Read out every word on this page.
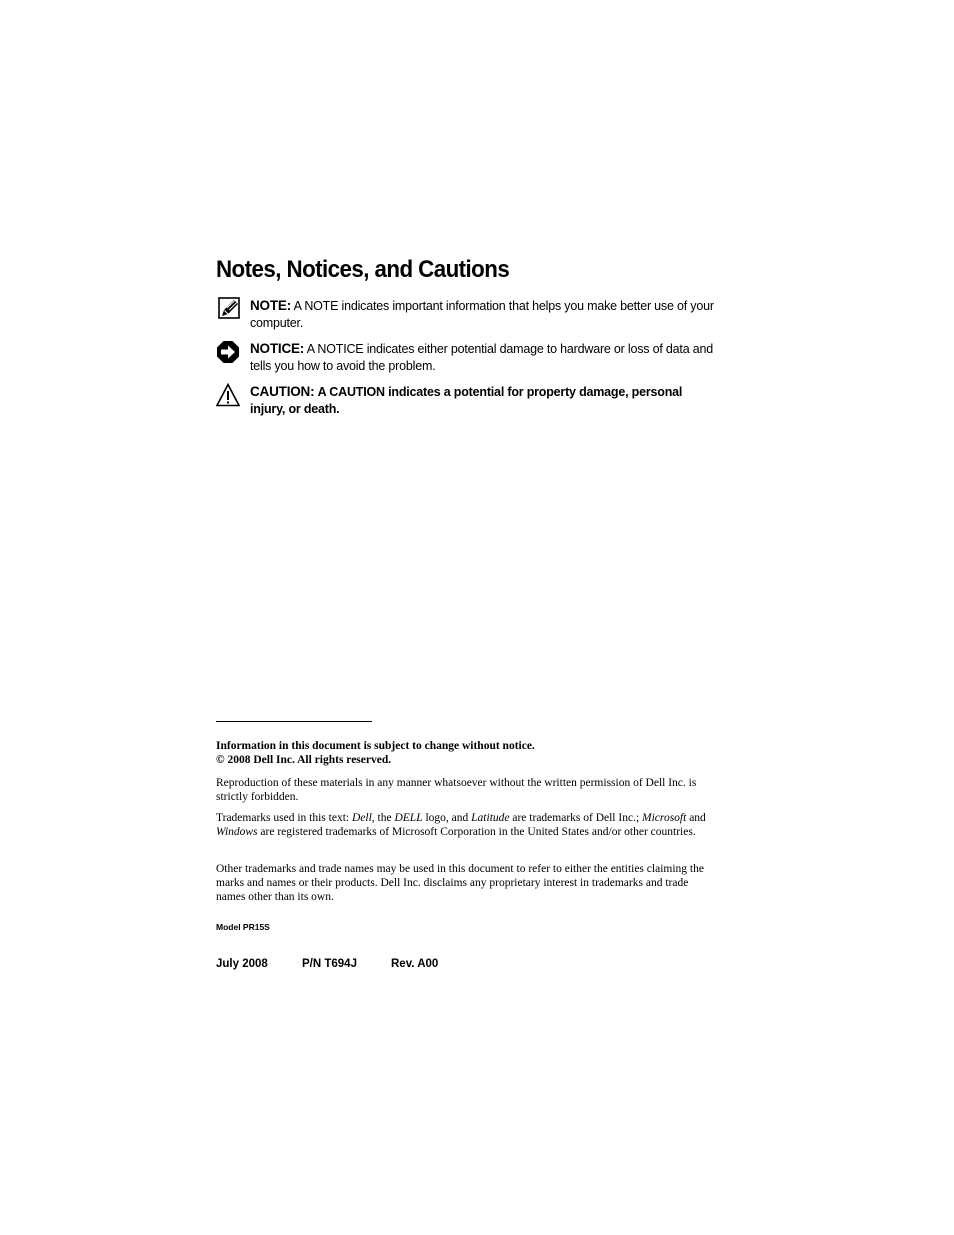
Notes, Notices, and Cautions
NOTE: A NOTE indicates important information that helps you make better use of your computer.
NOTICE: A NOTICE indicates either potential damage to hardware or loss of data and tells you how to avoid the problem.
CAUTION: A CAUTION indicates a potential for property damage, personal injury, or death.

Information in this document is subject to change without notice.
© 2008 Dell Inc. All rights reserved.

Reproduction of these materials in any manner whatsoever without the written permission of Dell Inc. is strictly forbidden.

Trademarks used in this text: Dell, the DELL logo, and Latitude are trademarks of Dell Inc.; Microsoft and Windows are registered trademarks of Microsoft Corporation in the United States and/or other countries.

Other trademarks and trade names may be used in this document to refer to either the entities claiming the marks and names or their products. Dell Inc. disclaims any proprietary interest in trademarks and trade names other than its own.

Model PR15S
July 2008	P/N T694J	Rev. A00
